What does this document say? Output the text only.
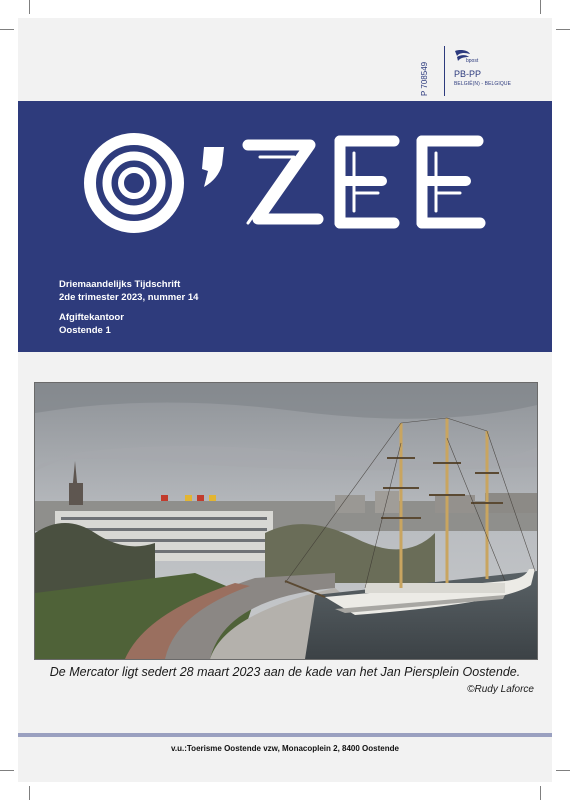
P 708549
bpost
PB-PP
BELGIË(N) - BELGIQUE
Driemaandelijks Tijdschrift
2de trimester 2023, nummer 14
Afgiftekantoor
Oostende 1
De Mercator ligt sedert 28 maart 2023 aan de kade van het Jan Piersplein Oostende.
©Rudy Laforce
v.u.:Toerisme Oostende vzw, Monacoplein 2, 8400 Oostende
